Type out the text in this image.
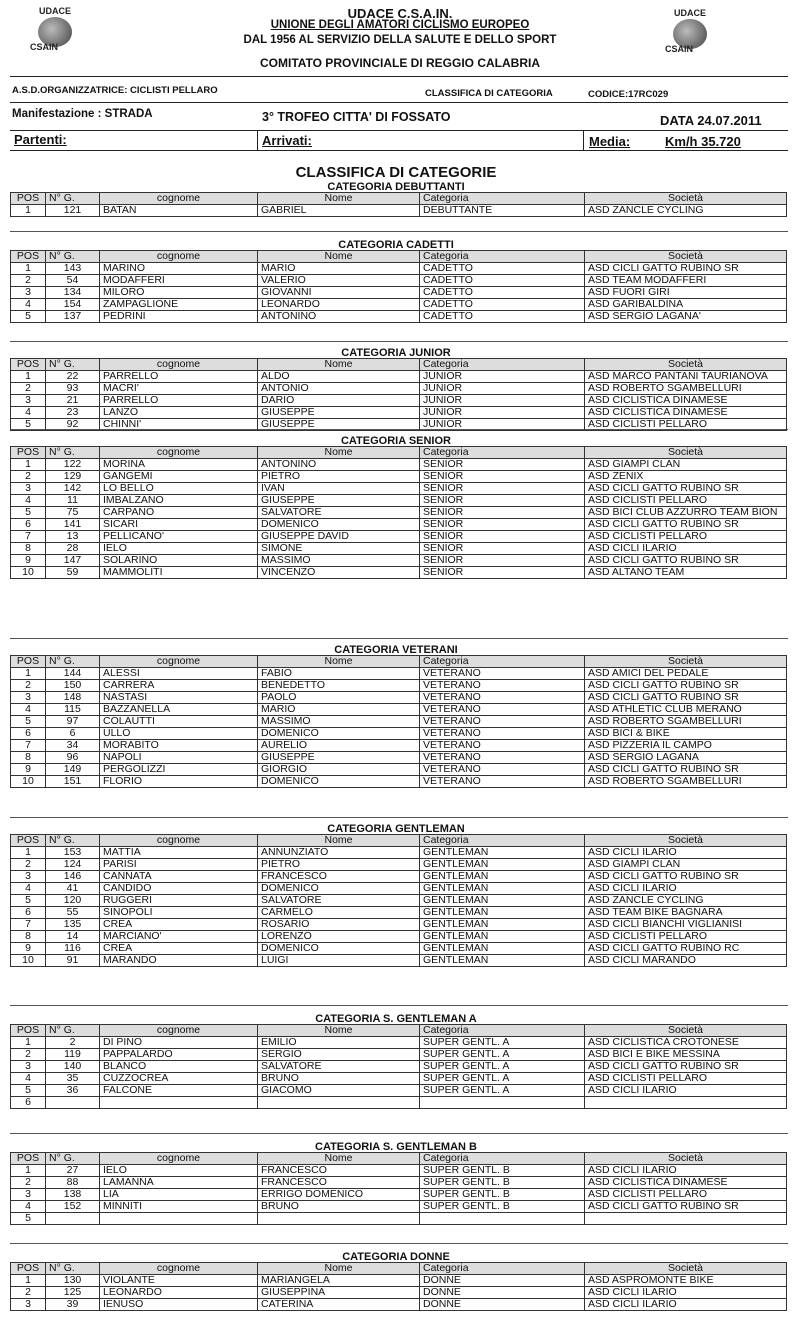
UDACE
CSAIN
UDACE
CSAIN
UDACE C.S.A.IN.
UNIONE DEGLI AMATORI CICLISMO EUROPEO
DAL 1956 AL SERVIZIO DELLA SALUTE E DELLO SPORT
COMITATO PROVINCIALE DI REGGIO CALABRIA
A.S.D.ORGANIZZATRICE: CICLISTI PELLARO	CLASSIFICA DI CATEGORIA	CODICE:17RC029
Manifestazione : STRADA	3° TROFEO CITTA' DI FOSSATO	DATA 24.07.2011
Partenti:	Arrivati:	Media:	Km/h 35.720
CLASSIFICA DI CATEGORIE
CATEGORIA DEBUTTANTI
POS	N° G.	cognome	Nome	Categoria	Società
1	121	BATAN	GABRIEL	DEBUTTANTE	ASD ZANCLE CYCLING
CATEGORIA CADETTI
POS	N° G.	cognome	Nome	Categoria	Società
1	143	MARINO	MARIO	CADETTO	ASD CICLI GATTO RUBINO SR
2	54	MODAFFERI	VALERIO	CADETTO	ASD TEAM MODAFFERI
3	134	MILORO	GIOVANNI	CADETTO	ASD FUORI GIRI
4	154	ZAMPAGLIONE	LEONARDO	CADETTO	ASD GARIBALDINA
5	137	PEDRINI	ANTONINO	CADETTO	ASD SERGIO LAGANA'
CATEGORIA JUNIOR
POS	N° G.	cognome	Nome	Categoria	Società
1	22	PARRELLO	ALDO	JUNIOR	ASD MARCO PANTANI TAURIANOVA
2	93	MACRI'	ANTONIO	JUNIOR	ASD ROBERTO SGAMBELLURI
3	21	PARRELLO	DARIO	JUNIOR	ASD CICLISTICA DINAMESE
4	23	LANZO	GIUSEPPE	JUNIOR	ASD CICLISTICA DINAMESE
5	92	CHINNI'	GIUSEPPE	JUNIOR	ASD CICLISTI PELLARO
CATEGORIA SENIOR
POS	N° G.	cognome	Nome	Categoria	Società
1	122	MORINA	ANTONINO	SENIOR	ASD GIAMPI CLAN
2	129	GANGEMI	PIETRO	SENIOR	ASD ZENIX
3	142	LO BELLO	IVAN	SENIOR	ASD CICLI GATTO RUBINO SR
4	11	IMBALZANO	GIUSEPPE	SENIOR	ASD CICLISTI PELLARO
5	75	CARPANO	SALVATORE	SENIOR	ASD BICI CLUB AZZURRO TEAM BION
6	141	SICARI	DOMENICO	SENIOR	ASD CICLI GATTO RUBINO SR
7	13	PELLICANO'	GIUSEPPE DAVID	SENIOR	ASD CICLISTI PELLARO
8	28	IELO	SIMONE	SENIOR	ASD CICLI ILARIO
9	147	SOLARINO	MASSIMO	SENIOR	ASD CICLI GATTO RUBINO SR
10	59	MAMMOLITI	VINCENZO	SENIOR	ASD ALTANO TEAM
CATEGORIA VETERANI
POS	N° G.	cognome	Nome	Categoria	Società
1	144	ALESSI	FABIO	VETERANO	ASD AMICI DEL PEDALE
2	150	CARRERA	BENEDETTO	VETERANO	ASD CICLI GATTO RUBINO SR
3	148	NASTASI	PAOLO	VETERANO	ASD CICLI GATTO RUBINO SR
4	115	BAZZANELLA	MARIO	VETERANO	ASD ATHLETIC CLUB MERANO
5	97	COLAUTTI	MASSIMO	VETERANO	ASD ROBERTO SGAMBELLURI
6	6	ULLO	DOMENICO	VETERANO	ASD BICI & BIKE
7	34	MORABITO	AURELIO	VETERANO	ASD PIZZERIA IL CAMPO
8	96	NAPOLI	GIUSEPPE	VETERANO	ASD SERGIO LAGANA
9	149	PERGOLIZZI	GIORGIO	VETERANO	ASD CICLI GATTO RUBINO SR
10	151	FLORIO	DOMENICO	VETERANO	ASD ROBERTO SGAMBELLURI
CATEGORIA GENTLEMAN
POS	N° G.	cognome	Nome	Categoria	Società
1	153	MATTIA	ANNUNZIATO	GENTLEMAN	ASD CICLI ILARIO
2	124	PARISI	PIETRO	GENTLEMAN	ASD GIAMPI CLAN
3	146	CANNATA	FRANCESCO	GENTLEMAN	ASD CICLI GATTO RUBINO SR
4	41	CANDIDO	DOMENICO	GENTLEMAN	ASD CICLI ILARIO
5	120	RUGGERI	SALVATORE	GENTLEMAN	ASD ZANCLE CYCLING
6	55	SINOPOLI	CARMELO	GENTLEMAN	ASD TEAM BIKE BAGNARA
7	135	CREA	ROSARIO	GENTLEMAN	ASD CICLI BIANCHI VIGLIANISI
8	14	MARCIANO'	LORENZO	GENTLEMAN	ASD CICLISTI PELLARO
9	116	CREA	DOMENICO	GENTLEMAN	ASD CICLI GATTO RUBINO RC
10	91	MARANDO	LUIGI	GENTLEMAN	ASD CICLI MARANDO
CATEGORIA S. GENTLEMAN A
POS	N° G.	cognome	Nome	Categoria	Società
1	2	DI PINO	EMILIO	SUPER GENTL. A	ASD CICLISTICA CROTONESE
2	119	PAPPALARDO	SERGIO	SUPER GENTL. A	ASD BICI E BIKE MESSINA
3	140	BLANCO	SALVATORE	SUPER GENTL. A	ASD CICLI GATTO RUBINO SR
4	35	CUZZOCREA	BRUNO	SUPER GENTL. A	ASD CICLISTI PELLARO
5	36	FALCONE	GIACOMO	SUPER GENTL. A	ASD CICLI ILARIO
6					
CATEGORIA S. GENTLEMAN B
POS	N° G.	cognome	Nome	Categoria	Società
1	27	IELO	FRANCESCO	SUPER GENTL. B	ASD CICLI ILARIO
2	88	LAMANNA	FRANCESCO	SUPER GENTL. B	ASD CICLISTICA DINAMESE
3	138	LIA	ERRIGO DOMENICO	SUPER GENTL. B	ASD CICLISTI PELLARO
4	152	MINNITI	BRUNO	SUPER GENTL. B	ASD CICLI GATTO RUBINO SR
5					
CATEGORIA DONNE
POS	N° G.	cognome	Nome	Categoria	Società
1	130	VIOLANTE	MARIANGELA	DONNE	ASD ASPROMONTE BIKE
2	125	LEONARDO	GIUSEPPINA	DONNE	ASD CICLI ILARIO
3	39	IENUSO	CATERINA	DONNE	ASD CICLI ILARIO
